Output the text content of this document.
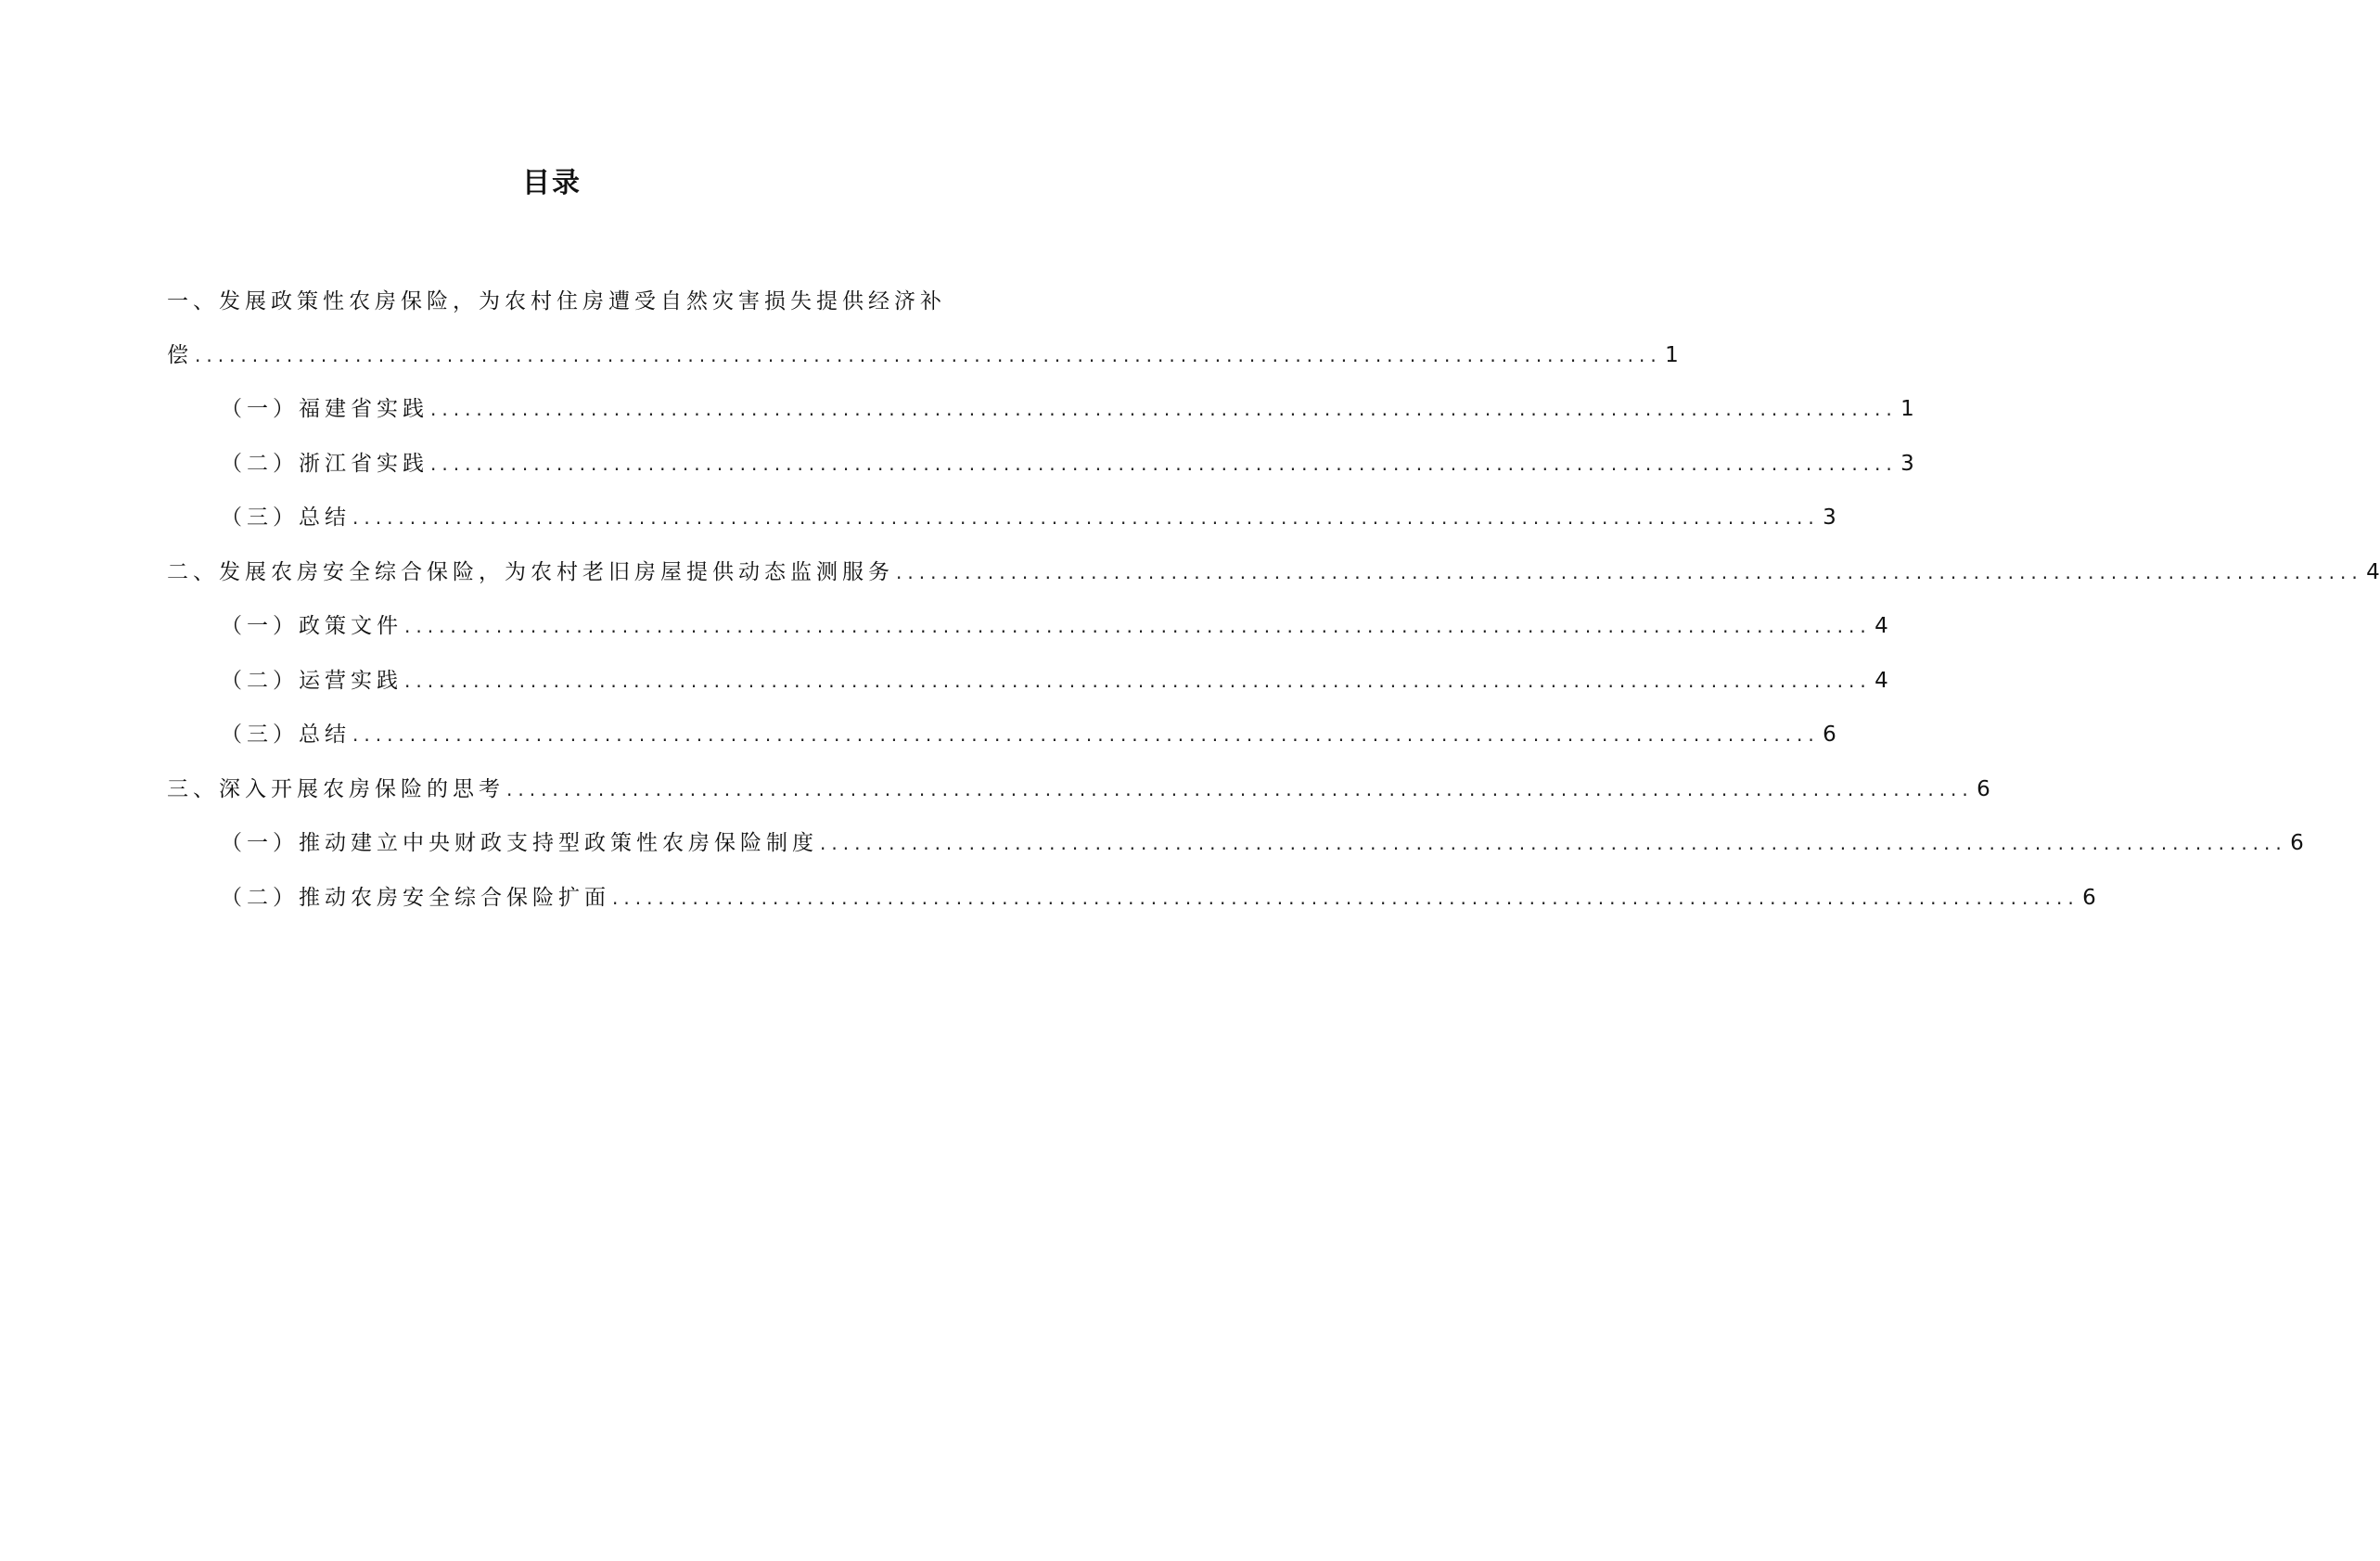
目录
一、发展政策性农房保险，为农村住房遭受自然灾害损失提供经济补
偿 ................................................................................................................................ 1
（一）福建省实践 ................................................................................................................................ 1
（二）浙江省实践 ................................................................................................................................ 3
（三）总结 ................................................................................................................................ 3
二、发展农房安全综合保险，为农村老旧房屋提供动态监测服务 ................................................................................................................................ 4
（一）政策文件 ................................................................................................................................ 4
（二）运营实践 ................................................................................................................................ 4
（三）总结 ................................................................................................................................ 6
三、深入开展农房保险的思考 ................................................................................................................................ 6
（一）推动建立中央财政支持型政策性农房保险制度 ................................................................................................................................ 6
（二）推动农房安全综合保险扩面 ................................................................................................................................ 6
